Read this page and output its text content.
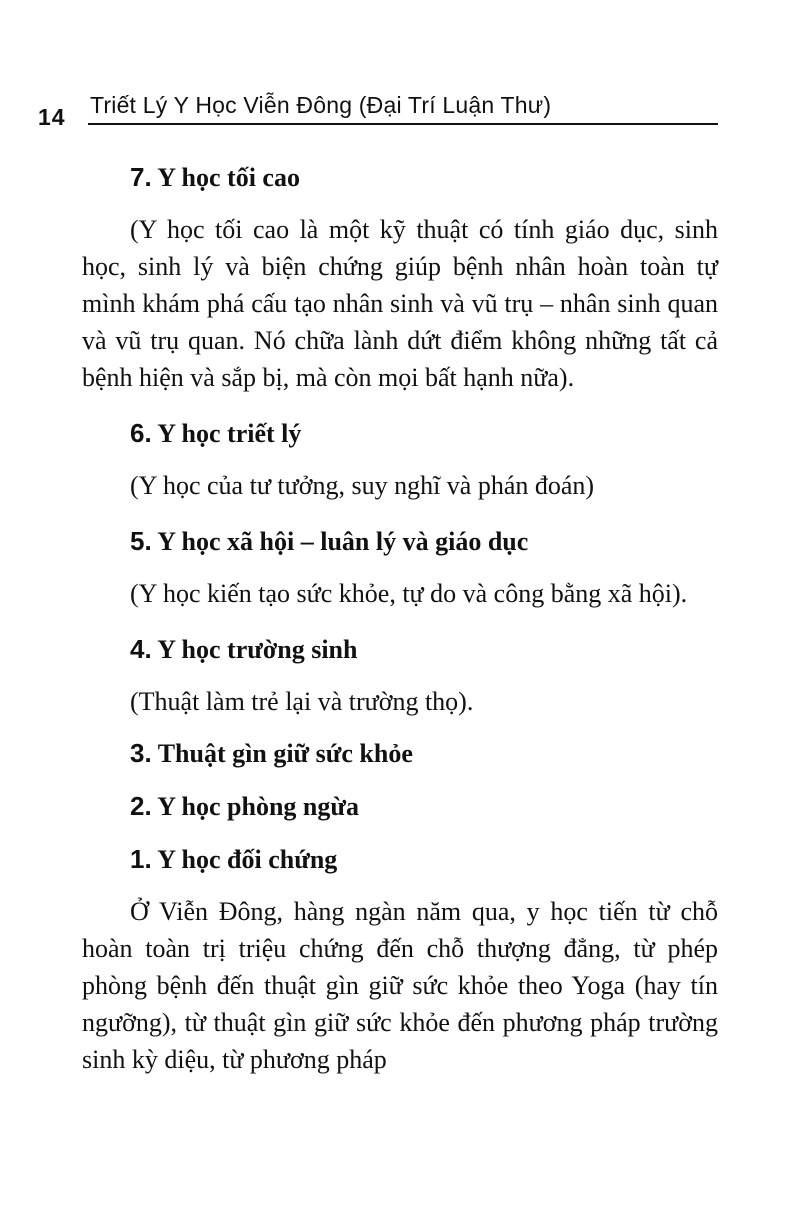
14 Triết Lý Y Học Viễn Đông (Đại Trí Luận Thư)
7. Y học tối cao

(Y học tối cao là một kỹ thuật có tính giáo dục, sinh học, sinh lý và biện chứng giúp bệnh nhân hoàn toàn tự mình khám phá cấu tạo nhân sinh và vũ trụ – nhân sinh quan và vũ trụ quan. Nó chữa lành dứt điểm không những tất cả bệnh hiện và sắp bị, mà còn mọi bất hạnh nữa).

6. Y học triết lý

(Y học của tư tưởng, suy nghĩ và phán đoán)

5. Y học xã hội – luân lý và giáo dục

(Y học kiến tạo sức khỏe, tự do và công bằng xã hội).

4. Y học trường sinh

(Thuật làm trẻ lại và trường thọ).

3. Thuật gìn giữ sức khỏe
2. Y học phòng ngừa
1. Y học đối chứng

Ở Viễn Đông, hàng ngàn năm qua, y học tiến từ chỗ hoàn toàn trị triệu chứng đến chỗ thượng đẳng, từ phép phòng bệnh đến thuật gìn giữ sức khỏe theo Yoga (hay tín ngưỡng), từ thuật gìn giữ sức khỏe đến phương pháp trường sinh kỳ diệu, từ phương pháp
